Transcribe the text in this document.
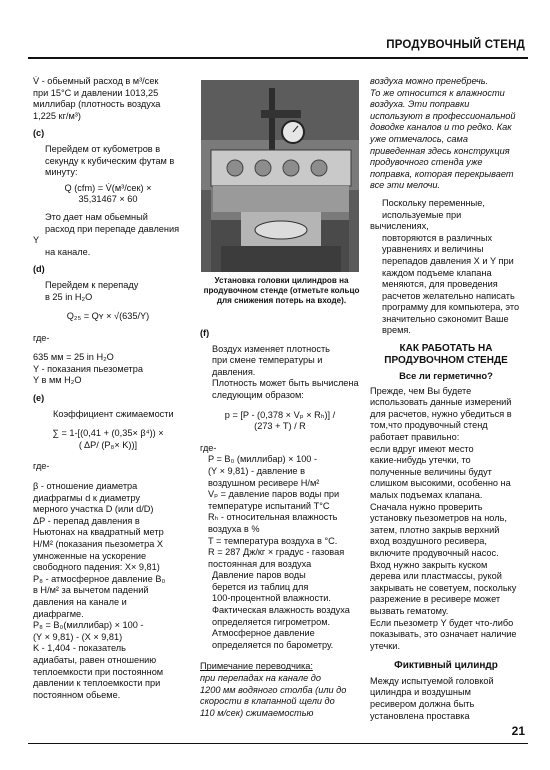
ПРОДУВОЧНЫЙ СТЕНД
V̇ - обьемный расход в м³/сек
при 15°С и давлении 1013,25
миллибар (плотность воздуха
1,225 кг/м³)
(c)
Перейдем от кубометров в
секунду к кубическим футам в
минуту:
Q (cfm) = V̇(м³/сек) ×
35,31467 × 60
Это дает нам обьемный
расход при перепаде давления Y
на канале.
(d)
Перейдем к перепаду
в 25 in H₂O
Q₂₅ = Qʏ × √(635/Y)
где-
635 мм = 25 in H₂O
Y - показания пьезометра
Y в мм H₂O
(e)
Коэффициент сжимаемости
∑ = 1-[(0,41 + (0,35× β⁴)) ×
( ΔP/ (P₈× K))]
где-
β - отношение диаметра
диафрагмы d к диаметру
мерного участка D (или d/D)
ΔP - перепад давления в
Ньютонах на квадратный метр
Н/М² (показания пьезометра X
умноженные на ускорение
свободного падения: X× 9,81)
P₈ - атмосферное давление B₀
в Н/м² за вычетом падений
давления на канале и
диафрагме.
P₈ = B₀(миллибар) × 100 -
(Y × 9,81) - (X × 9,81)
K - 1,404 - показатель
адиабаты, равен отношению
теплоемкости при постоянном
давлении к теплоемкости при
постоянном обьеме.
Установка головки цилиндров на продувочном стенде (отметьте кольцо для снижения потерь на входе).
(f)
Воздух изменяет плотность
при смене температуры и
давления.
Плотность может быть вычислена
следующим образом:
p = [P - (0,378 × Vₚ × Rₕ)] /
(273 + T) / R
где-
P = B₀ (миллибар) × 100 -
(Y × 9,81) - давление в
воздушном ресивере Н/м²
Vₚ = давление паров воды при
температуре испытаний T°C
Rₕ - относительная влажность
воздуха в %
T = температура воздуха в °C.
R = 287 Дж/кг × градус - газовая
постоянная для воздуха
Давление паров воды
берется из таблиц для
100-процентной влажности.
Фактическая влажность воздуха
определяется гигрометром.
Атмосферное давление
определяется по барометру.
Примечание переводчика:
при перепадах на канале до
1200 мм водяного столба (или до
скорости в клапанной щели до
110 м/сек) сжимаемостью
воздуха можно пренебречь.
То же относится к влажности
воздуха. Эти поправки
используют в профессиональной
доводке каналов и то редко. Как
уже отмечалось, сама
приведенная здесь конструкция
продувочного стенда уже
поправка, которая перекрывает
все эти мелочи.
Поскольку переменные,
используемые при вычислениях,
повторяются в различных
уравнениях и величины
перепадов давления X и Y при
каждом подъеме клапана
меняются, для проведения
расчетов желательно написать
программу для компьютера, это
значительно сэкономит Ваше
время.
КАК РАБОТАТЬ НА
ПРОДУВОЧНОМ СТЕНДЕ
Все ли герметично?
Прежде, чем Вы будете
использовать данные измерений
для расчетов, нужно убедиться в
том,что продувочный стенд
работает правильно:
если вдруг имеют место
какие-нибудь утечки, то
полученные величины будут
слишком высокими, особенно на
малых подъемах клапана.
Сначала нужно проверить
установку пьезометров на ноль,
затем, плотно закрыв верхний
вход воздушного ресивера,
включите продувочный насос.
Вход нужно закрыть куском
дерева или пластмассы, рукой
закрывать не советуем, поскольку
разрежение в ресивере может
вызвать гематому.
Если пьезометр Y будет что-либо
показывать, это означает наличие
утечки.
Фиктивный цилиндр
Между испытуемой головкой
цилиндра и воздушным
ресивером должна быть
установлена проставка
21
